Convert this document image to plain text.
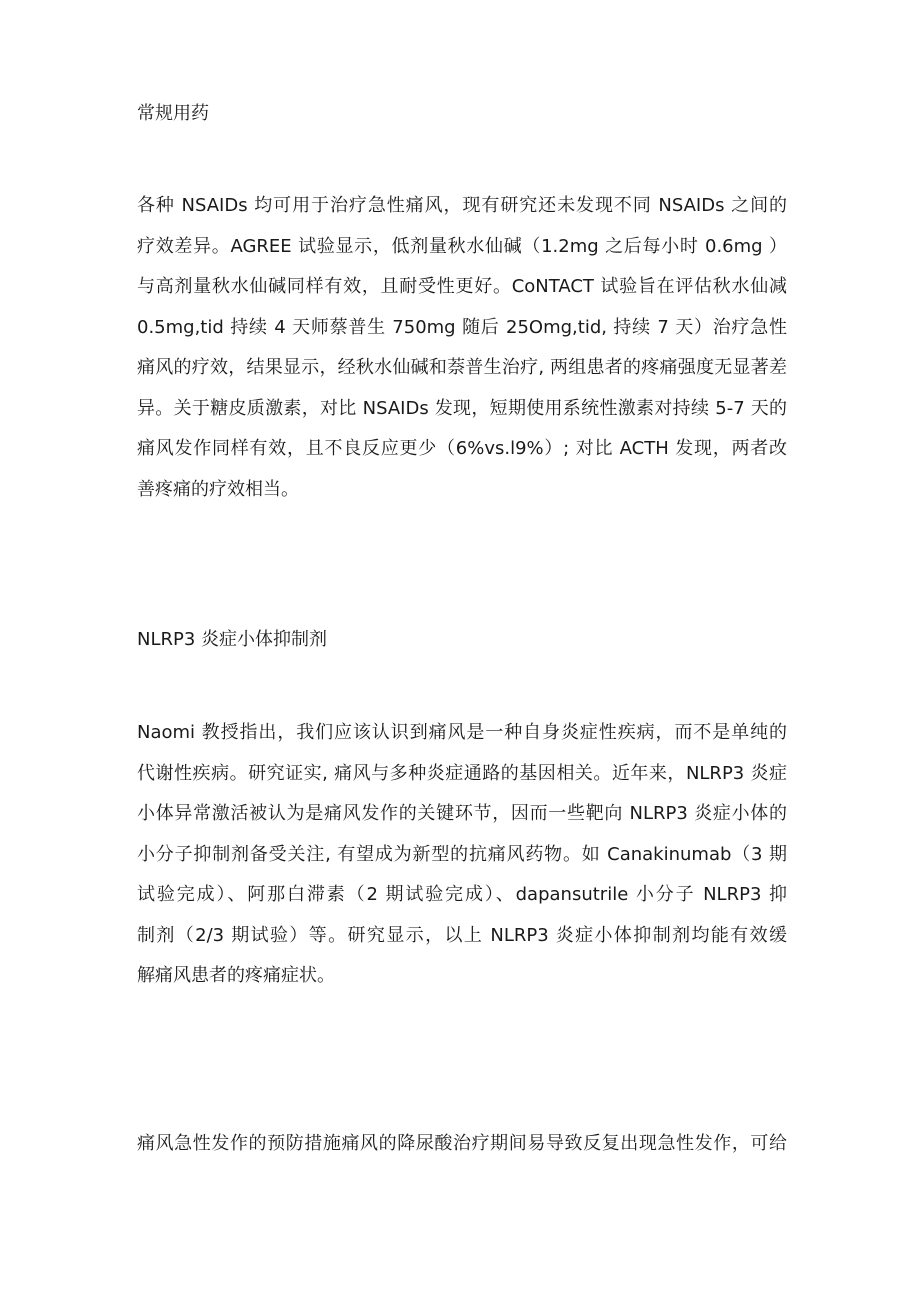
常规用药
各种 NSAIDs 均可用于治疗急性痛风，现有研究还未发现不同 NSAIDs 之间的
疗效差异。AGREE 试验显示，低剂量秋水仙碱（1.2mg 之后每小时 0.6mg ）
与高剂量秋水仙碱同样有效，且耐受性更好。CoNTACT 试验旨在评估秋水仙减
0.5mg,tid 持续 4 天师蔡普生 750mg 随后 25Omg,tid, 持续 7 天）治疗急性
痛风的疗效，结果显示，经秋水仙碱和萘普生治疗, 两组患者的疼痛强度无显著差
异。关于糖皮质激素，对比 NSAIDs 发现，短期使用系统性激素对持续 5-7 天的
痛风发作同样有效，且不良反应更少（6%vs.l9%）; 对比 ACTH 发现，两者改
善疼痛的疗效相当。
NLRP3 炎症小体抑制剂
Naomi 教授指出，我们应该认识到痛风是一种自身炎症性疾病，而不是单纯的
代谢性疾病。研究证实, 痛风与多种炎症通路的基因相关。近年来，NLRP3 炎症
小体异常激活被认为是痛风发作的关键环节，因而一些靶向 NLRP3 炎症小体的
小分子抑制剂备受关注, 有望成为新型的抗痛风药物。如 Canakinumab（3 期
试验完成）、阿那白滞素（2 期试验完成）、dapansutrile 小分子 NLRP3 抑
制剂（2/3 期试验）等。研究显示，以上 NLRP3 炎症小体抑制剂均能有效缓
解痛风患者的疼痛症状。
痛风急性发作的预防措施痛风的降尿酸治疗期间易导致反复出现急性发作，可给
